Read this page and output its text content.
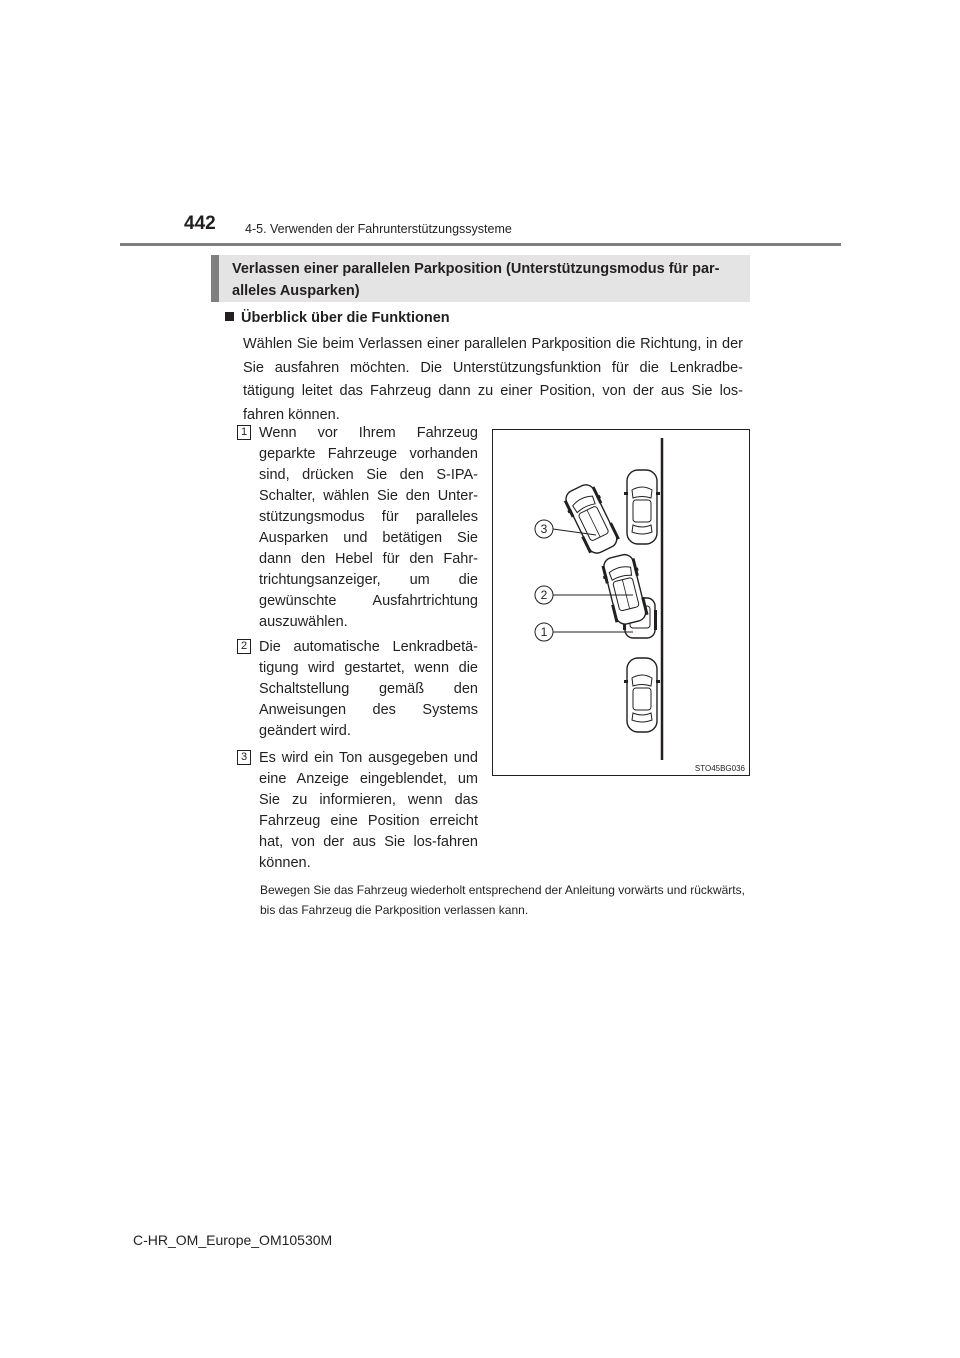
442 4-5. Verwenden der Fahrunterstützungssysteme
Verlassen einer parallelen Parkposition (Unterstützungsmodus für par-
alleles Ausparken)
Überblick über die Funktionen

Wählen Sie beim Verlassen einer parallelen Parkposition die Richtung, in der Sie ausfahren möchten. Die Unterstützungsfunktion für die Lenkradbe-tätigung leitet das Fahrzeug dann zu einer Position, von der aus Sie los-fahren können.

1 Wenn vor Ihrem Fahrzeug geparkte Fahrzeuge vorhanden sind, drücken Sie den S-IPA-Schalter, wählen Sie den Unter-stützungsmodus für paralleles Ausparken und betätigen Sie dann den Hebel für den Fahr-trichtungsanzeiger, um die gewünschte Ausfahrtrichtung auszuwählen.

2 Die automatische Lenkradbetä-tigung wird gestartet, wenn die Schaltstellung gemäß den Anweisungen des Systems geändert wird.

3 Es wird ein Ton ausgegeben und eine Anzeige eingeblendet, um Sie zu informieren, wenn das Fahrzeug eine Position erreicht hat, von der aus Sie los-fahren können.

3
2
1
STO45BG036

Bewegen Sie das Fahrzeug wiederholt entsprechend der Anleitung vorwärts und rückwärts, bis das Fahrzeug die Parkposition verlassen kann.

C-HR_OM_Europe_OM10530M
